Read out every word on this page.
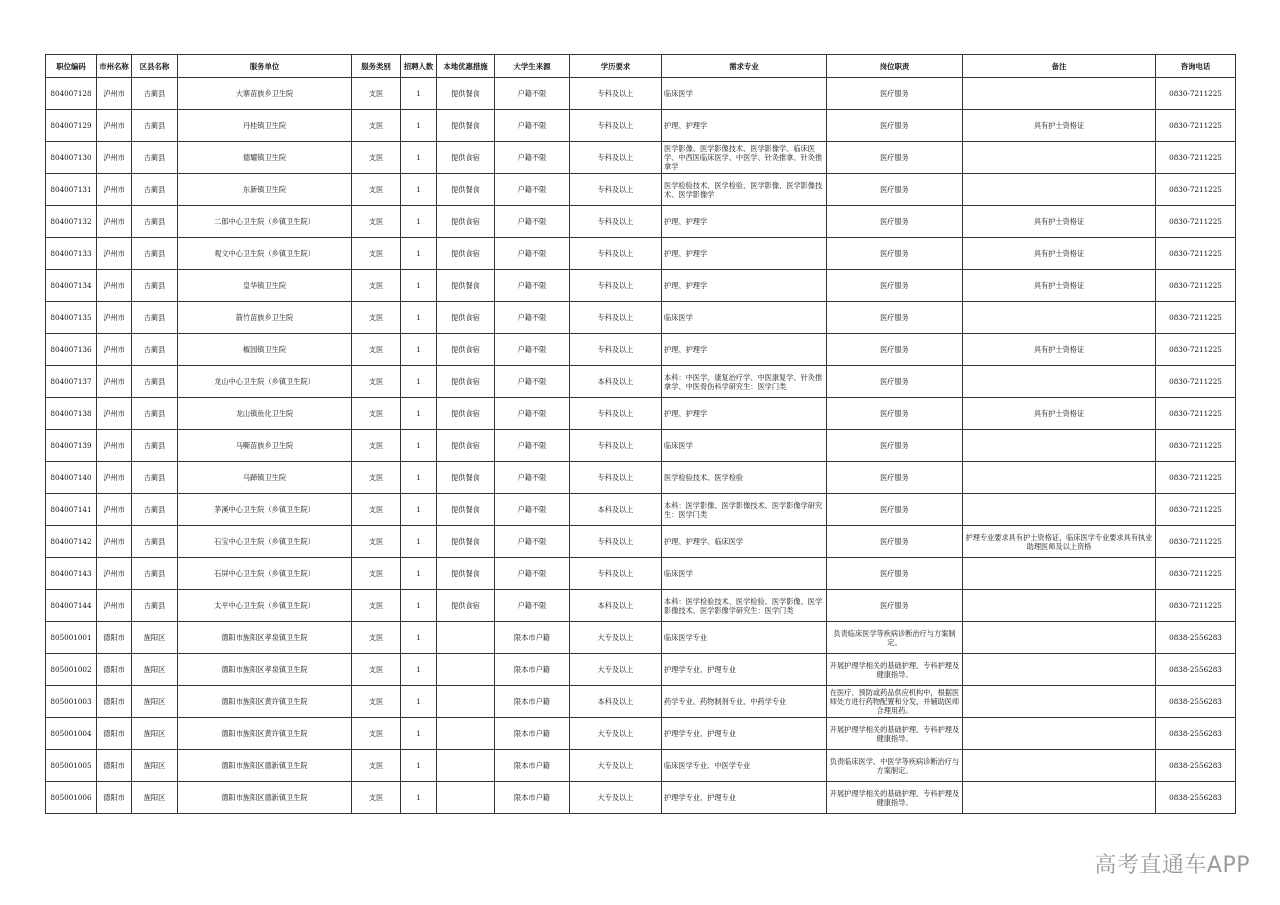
职位编码	市州名称	区县名称	服务单位	服务类别	招聘人数	本地优惠措施	大学生来源	学历要求	需求专业	岗位职责	备注	咨询电话
804007128	泸州市	古蔺县	大寨苗族乡卫生院	支医	1	提供餐食	户籍不限	专科及以上	临床医学	医疗服务		0830-7211225
804007129	泸州市	古蔺县	丹桂镇卫生院	支医	1	提供餐食	户籍不限	专科及以上	护理、护理学	医疗服务	具有护士资格证	0830-7211225
804007130	泸州市	古蔺县	德耀镇卫生院	支医	1	提供食宿	户籍不限	专科及以上	医学影像、医学影像技术、医学影像学、临床医学、中西医临床医学、中医学、针灸推拿、针灸推拿学	医疗服务		0830-7211225
804007131	泸州市	古蔺县	东新镇卫生院	支医	1	提供餐食	户籍不限	专科及以上	医学检验技术、医学检验、医学影像、医学影像技术、医学影像学	医疗服务		0830-7211225
804007132	泸州市	古蔺县	二郎中心卫生院（乡镇卫生院）	支医	1	提供食宿	户籍不限	专科及以上	护理、护理学	医疗服务	具有护士资格证	0830-7211225
804007133	泸州市	古蔺县	观文中心卫生院（乡镇卫生院）	支医	1	提供食宿	户籍不限	专科及以上	护理、护理学	医疗服务	具有护士资格证	0830-7211225
804007134	泸州市	古蔺县	皇华镇卫生院	支医	1	提供餐食	户籍不限	专科及以上	护理、护理学	医疗服务	具有护士资格证	0830-7211225
804007135	泸州市	古蔺县	箭竹苗族乡卫生院	支医	1	提供食宿	户籍不限	专科及以上	临床医学	医疗服务		0830-7211225
804007136	泸州市	古蔺县	椒园镇卫生院	支医	1	提供食宿	户籍不限	专科及以上	护理、护理学	医疗服务	具有护士资格证	0830-7211225
804007137	泸州市	古蔺县	龙山中心卫生院（乡镇卫生院）	支医	1	提供食宿	户籍不限	本科及以上	本科：中医学、康复治疗学、中医康复学、针灸推拿学、中医骨伤科学研究生：医学门类	医疗服务		0830-7211225
804007138	泸州市	古蔺县	龙山镇鱼化卫生院	支医	1	提供食宿	户籍不限	专科及以上	护理、护理学	医疗服务	具有护士资格证	0830-7211225
804007139	泸州市	古蔺县	马嘶苗族乡卫生院	支医	1	提供食宿	户籍不限	专科及以上	临床医学	医疗服务		0830-7211225
804007140	泸州市	古蔺县	马蹄镇卫生院	支医	1	提供餐食	户籍不限	专科及以上	医学检验技术、医学检验	医疗服务		0830-7211225
804007141	泸州市	古蔺县	茅溪中心卫生院（乡镇卫生院）	支医	1	提供餐食	户籍不限	本科及以上	本科：医学影像、医学影像技术、医学影像学研究生：医学门类	医疗服务		0830-7211225
804007142	泸州市	古蔺县	石宝中心卫生院（乡镇卫生院）	支医	1	提供餐食	户籍不限	专科及以上	护理、护理学、临床医学	医疗服务	护理专业要求具有护士资格证，临床医学专业要求具有执业助理医师及以上资格	0830-7211225
804007143	泸州市	古蔺县	石屏中心卫生院（乡镇卫生院）	支医	1	提供餐食	户籍不限	专科及以上	临床医学	医疗服务		0830-7211225
804007144	泸州市	古蔺县	太平中心卫生院（乡镇卫生院）	支医	1	提供食宿	户籍不限	本科及以上	本科：医学检验技术、医学检验、医学影像、医学影像技术、医学影像学研究生：医学门类	医疗服务		0830-7211225
805001001	德阳市	旌阳区	德阳市旌阳区孝泉镇卫生院	支医	1		限本市户籍	大专及以上	临床医学专业	负责临床医学等疾病诊断治疗与方案制定。		0838-2556283
805001002	德阳市	旌阳区	德阳市旌阳区孝泉镇卫生院	支医	1		限本市户籍	大专及以上	护理学专业、护理专业	开展护理学相关的基础护理、专科护理及健康指导。		0838-2556283
805001003	德阳市	旌阳区	德阳市旌阳区黄许镇卫生院	支医	1		限本市户籍	本科及以上	药学专业、药物制剂专业、中药学专业	在医疗、预防或药品供应机构中，根据医师处方进行药物配置和分发，并辅助医师合理用药。		0838-2556283
805001004	德阳市	旌阳区	德阳市旌阳区黄许镇卫生院	支医	1		限本市户籍	大专及以上	护理学专业、护理专业	开展护理学相关的基础护理、专科护理及健康指导。		0838-2556283
805001005	德阳市	旌阳区	德阳市旌阳区德新镇卫生院	支医	1		限本市户籍	大专及以上	临床医学专业、中医学专业	负责临床医学、中医学等疾病诊断治疗与方案制定。		0838-2556283
805001006	德阳市	旌阳区	德阳市旌阳区德新镇卫生院	支医	1		限本市户籍	大专及以上	护理学专业、护理专业	开展护理学相关的基础护理、专科护理及健康指导。		0838-2556283
高考直通车APP
